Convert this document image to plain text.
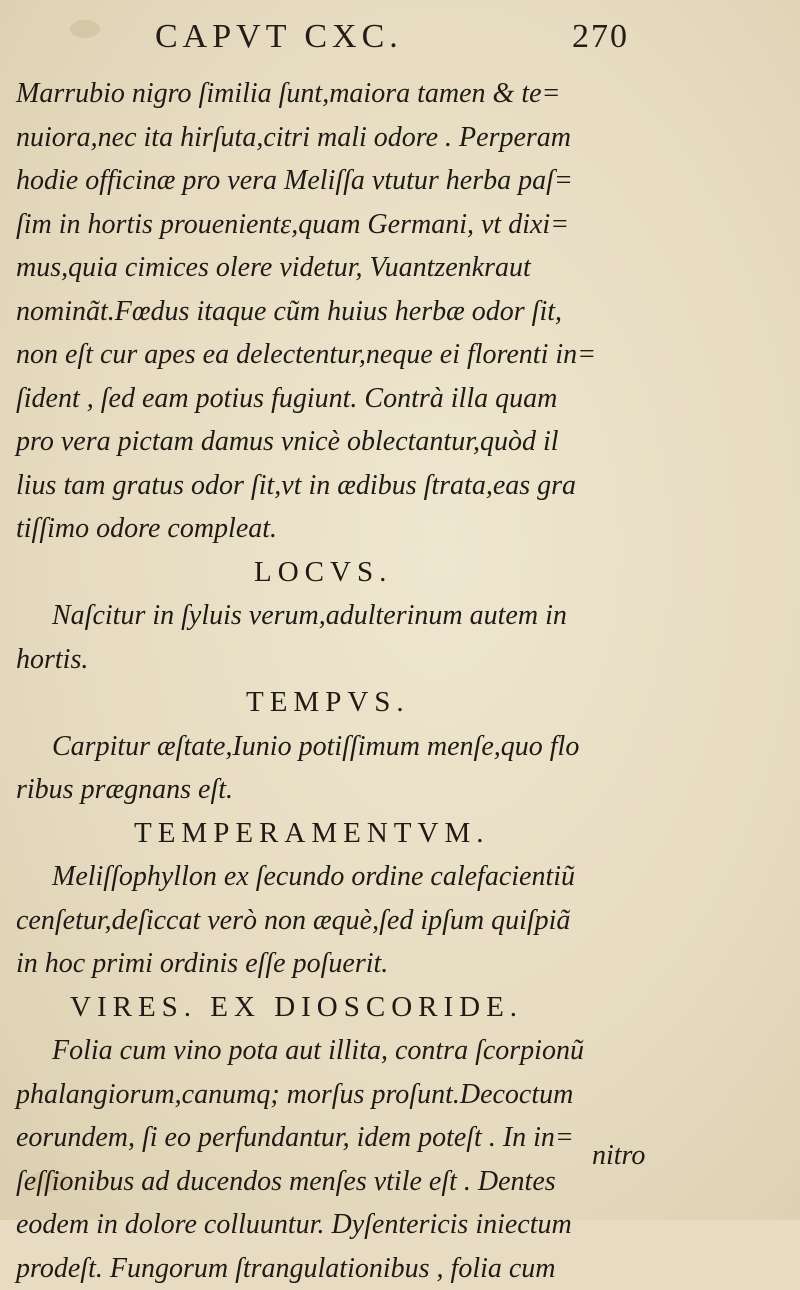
CAPVT CXC.	270
Marrubio nigro ſimilia ſunt,maiora tamen & te=
nuiora,nec ita hirſuta,citri mali odore . Perperam
hodie officinæ pro vera Meliſſa vtutur herba paſ=
ſim in hortis prouenientε,quam Germani, vt dixi=
mus,quia cimices olere videtur, Vuantzenkraut
nominãt.Fœdus itaque cũm huius herbæ odor ſit,
non eſt cur apes ea delectentur,neque ei florenti in=
ſident , ſed eam potius fugiunt. Contrà illa quam
pro vera pictam damus vnicè oblectantur,quòd il
lius tam gratus odor ſit,vt in ædibus ſtrata,eas gra
tiſſimo odore compleat.
LOCVS.
Naſcitur in ſyluis verum,adulterinum autem in
hortis.
TEMPVS.
Carpitur æſtate,Iunio potiſſimum menſe,quo flo
ribus prægnans eſt.
TEMPERAMENTVM.
Meliſſophyllon ex ſecundo ordine calefacientiũ
cenſetur,deſiccat verò non æquè,ſed ipſum quiſpiã
in hoc primi ordinis eſſe poſuerit.
VIRES. EX DIOSCORIDE.
Folia cum vino pota aut illita, contra ſcorpionũ
phalangiorum,canumq; morſus proſunt.Decoctum
eorundem, ſi eo perfundantur, idem poteſt . In in=
ſeſſionibus ad ducendos menſes vtile eſt . Dentes
eodem in dolore colluuntur. Dyſentericis iniectum
prodeſt. Fungorum ſtrangulationibus , folia cum
nitro
